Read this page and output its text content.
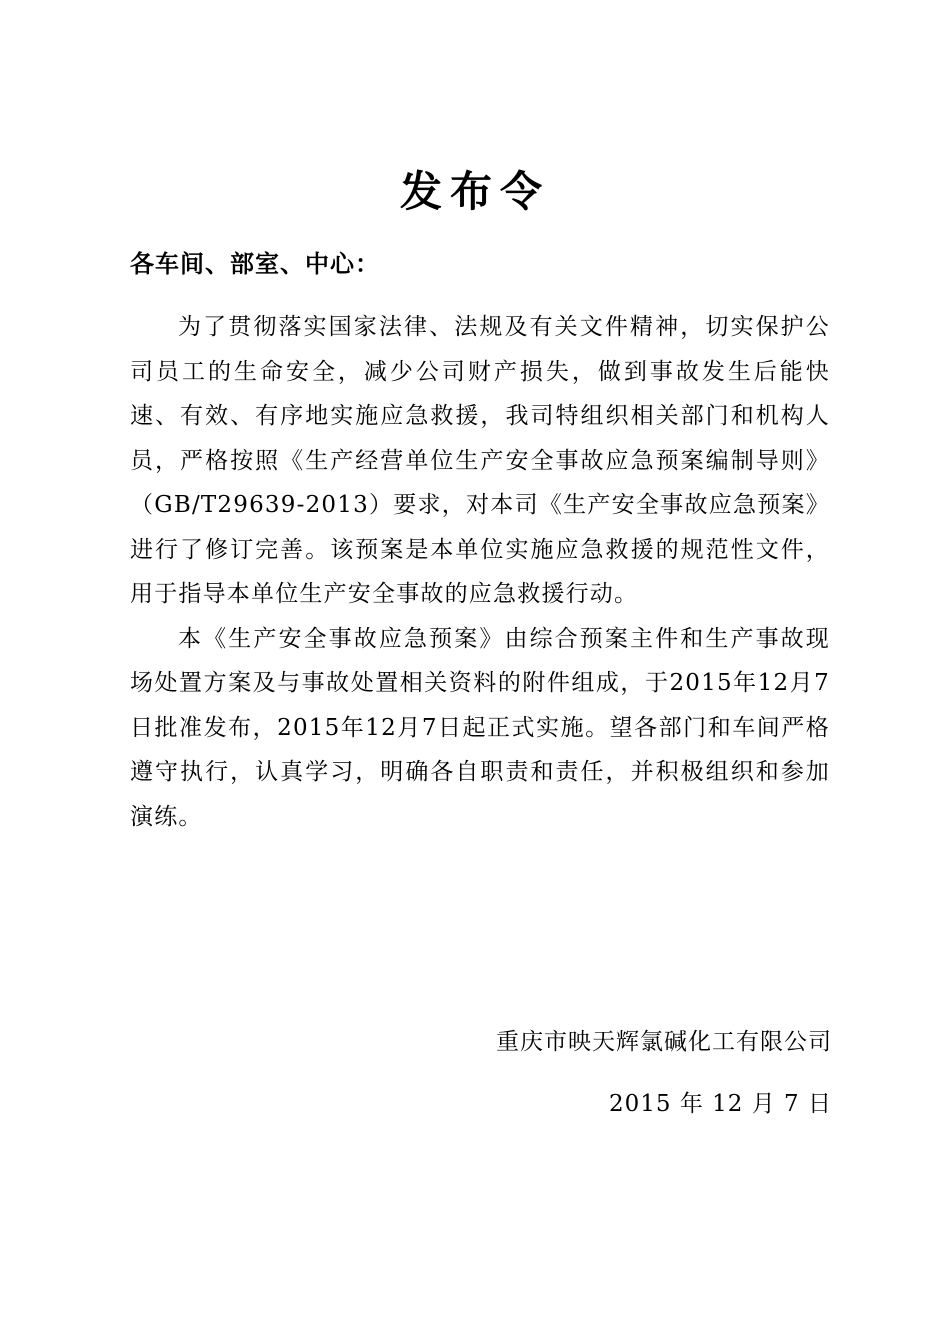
发布令
各车间、部室、中心：

为了贯彻落实国家法律、法规及有关文件精神，切实保护公司员工的生命安全，减少公司财产损失，做到事故发生后能快速、有效、有序地实施应急救援，我司特组织相关部门和机构人员，严格按照《生产经营单位生产安全事故应急预案编制导则》（GB/T29639-2013）要求，对本司《生产安全事故应急预案》进行了修订完善。该预案是本单位实施应急救援的规范性文件，用于指导本单位生产安全事故的应急救援行动。

本《生产安全事故应急预案》由综合预案主件和生产事故现场处置方案及与事故处置相关资料的附件组成，于2015年12月7日批准发布，2015年12月7日起正式实施。望各部门和车间严格遵守执行，认真学习，明确各自职责和责任，并积极组织和参加演练。

重庆市映天辉氯碱化工有限公司
2015 年 12 月 7 日
